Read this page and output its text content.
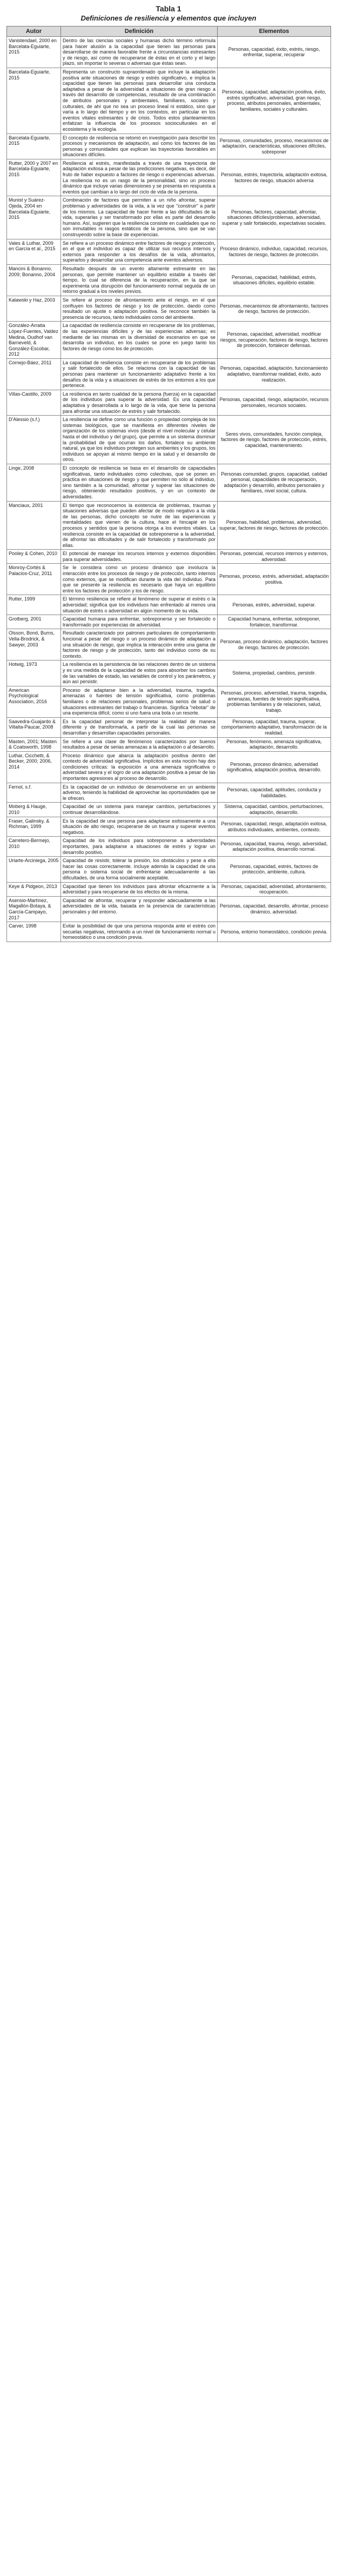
Tabla 1
Definiciones de resiliencia y elementos que incluyen
Autor	Definición	Elementos
Vanistendael, 2000 en Barcelata-Eguiarte, 2015	Dentro de las ciencias sociales y humanas dicho término reformula para hacer alusión a la capacidad que tienen las personas para desarrollarse de manera favorable frente a circunstancias estresantes y de riesgo, así como de recuperarse de éstas en el corto y el largo plazo, sin importar lo severas o adversas que éstas sean.	Personas, capacidad, éxito, estrés, riesgo, enfrentar, superar, recuperar
Barcelata-Eguiarte, 2015	Representa un constructo supraordenado que incluye la adaptación positiva ante situaciones de riesgo y estrés significativo, e implica la capacidad que tienen las personas para desarrollar una conducta adaptativa a pesar de la adversidad a situaciones de gran riesgo a través del desarrollo de competencias, resultado de una combinación de atributos personales y ambientales, familiares, sociales y culturales, de ahí que no sea un proceso lineal ni estático, sino que varía a lo largo del tiempo y en los contextos, en particular en los eventos vitales estresantes y de crisis. Todos estos planteamientos enfatizan la influencia de los procesos socioculturales en el ecosistema y la ecología.	Personas, capacidad, adaptación positiva, éxito, estrés significativo, adversidad, gran riesgo, proceso, atributos personales, ambientales, familiares, sociales y culturales.
Barcelata-Eguiarte, 2015	El concepto de resiliencia se retomó en investigación para describir los procesos y mecanismos de adaptación, así como los factores de las personas y comunidades que explican las trayectorias favorables en situaciones difíciles.	Personas, comunidades, proceso, mecanismos de adaptación, características, situaciones difíciles, sobreponer
Rutter, 2000 y 2007 en Barcelata-Eguiarte, 2015	Resiliencia al estrés, manifestada a través de una trayectoria de adaptación exitosa a pesar de las predicciones negativas, es decir, del fruto de haber expuesto a factores de riesgo o experiencias adversas. La resiliencia no es un rasgo de la personalidad, sino un proceso dinámico que incluye varias dimensiones y se presenta en respuesta a eventos que cambian a lo largo del ciclo de vida de la persona.	Personas, estrés, trayectoria, adaptación exitosa, factores de riesgo, situación adversa
Munist y Suárez-Ojeda, 2004 en Barcelata-Eguiarte, 2015	Combinación de factores que permiten a un niño afrontar, superar problemas y adversidades de la vida, a la vez que "construir" a partir de los mismos. La capacidad de hacer frente a las dificultades de la vida, superarlas y ser transformado por ellas es parte del desarrollo humano. Así, sugieren que la resiliencia consiste en cualidades que no son inmutables ni rasgos estáticos de la persona, sino que se van construyendo sobre la base de experiencias.	Personas, factores, capacidad, afrontar, situaciones difíciles/problemas, adversidad, superar y salir fortalecido, expectativas sociales.
Vales & Luthar, 2009 en García et al., 2015	Se refiere a un proceso dinámico entre factores de riesgo y protección, en el que el individuo es capaz de utilizar sus recursos internos y externos para responder a los desafíos de la vida, afrontarlos, superarlos y desarrollar una competencia ante eventos adversos.	Proceso dinámico, individuo, capacidad, recursos, factores de riesgo, factores de protección.
Mancini & Bonanno, 2009; Bonanno, 2004	Resultado después de un evento altamente estresante en las personas, que permite mantener un equilibrio estable a través del tiempo, lo cual se diferencia de la recuperación, en la que se experimenta una disrupción del funcionamiento normal seguida de un retorno gradual a los niveles previos.	Personas, capacidad, habilidad, estrés, situaciones difíciles, equilibrio estable.
Kalawski y Haz, 2003	Se refiere al proceso de afrontamiento ante el riesgo, en el que confluyen los factores de riesgo y los de protección, dando como resultado un ajuste o adaptación positiva. Se reconoce también la presencia de recursos, tanto individuales como del ambiente.	Personas, mecanismos de afrontamiento, factores de riesgo, factores de protección.
González-Arratia López-Fuentes, Valdez Medina, Oudhof van Barneveld, & González-Escobar, 2012	La capacidad de resiliencia consiste en recuperarse de los problemas, de las experiencias difíciles y de las experiencias adversas; es mediante de las mismas en la diversidad de escenarios en que se desarrolla un individuo, en los cuales se pone en juego tanto los factores de riesgo como los de protección.	Personas, capacidad, adversidad, modificar riesgos, recuperación, factores de riesgo, factores de protección, fortalecer defensas.
Cornejo-Báez, 2011	La capacidad de resiliencia consiste en recuperarse de los problemas y salir fortalecido de ellos. Se relaciona con la capacidad de las personas para mantener un funcionamiento adaptativo frente a los desafíos de la vida y a situaciones de estrés de los entornos a los que pertenece.	Personas, capacidad, adaptación, funcionamiento adaptativo, transformar realidad, éxito, auto realización.
Villas-Castillo, 2009	La resiliencia en tanto cualidad de la persona (fuerza) en la capacidad de los individuos para superar la adversidad. Es una capacidad adaptativa y desarrollada a lo largo de la vida, que tiene la persona para afrontar una situación de estrés y salir fortalecido.	Personas, capacidad, riesgo, adaptación, recursos personales, recursos sociales.
D'Alessio (s.f.)	La resiliencia se define como una función o propiedad compleja de los sistemas biológicos, que se manifiesta en diferentes niveles de organización de los sistemas vivos (desde el nivel molecular y celular hasta el del individuo y del grupo), que permite a un sistema disminuir la probabilidad de que ocurran los daños, fortalece su ambiente natural, ya que los individuos protegen sus ambientes y los grupos, los individuos se apoyan al mismo tiempo en la salud y el desarrollo de otros.	Seres vivos, comunidades, función compleja, factores de riesgo, factores de protección, estrés, capacidad, mantenimiento.
Linge, 2008	El concepto de resiliencia se basa en el desarrollo de capacidades significativas, tanto individuales como colectivas, que se ponen en práctica en situaciones de riesgo y que permiten no sólo al individuo, sino también a la comunidad, afrontar y superar las situaciones de riesgo, obteniendo resultados positivos, y en un contexto de adversidades.	Personas comunidad, grupos, capacidad, calidad personal, capacidades de recuperación, adaptación y desarrollo, atributos personales y familiares, nivel social, cultura.
Manciaux, 2001	El tiempo que reconocemos la existencia de problemas, traumas y situaciones adversas que pueden afectar de modo negativo a la vida de las personas, dicho concepto se nutre de las experiencias y mentalidades que vienen de la cultura, hace el hincapié en los procesos y sentidos que la persona otorga a los eventos vitales. La resiliencia consiste en la capacidad de sobreponerse a la adversidad, de afrontar las dificultades y de salir fortalecido y transformado por ellas.	Personas, habilidad, problemas, adversidad, superar, factores de riesgo, factores de protección.
Pooley & Cohen, 2010	El potencial de manejar los recursos internos y externos disponibles para superar adversidades.	Personas, potencial, recursos internos y externos, adversidad.
Monroy-Cortés & Palacios-Cruz, 2011	Se le considera como un proceso dinámico que involucra la interacción entre los procesos de riesgo y de protección, tanto internos como externos, que se modifican durante la vida del individuo. Para que se presente la resiliencia es necesario que haya un equilibrio entre los factores de protección y los de riesgo.	Personas, proceso, estrés, adversidad, adaptación positiva.
Rutter, 1999	El término resiliencia se refiere al fenómeno de superar el estrés o la adversidad; significa que los individuos han enfrentado al menos una situación de estrés o adversidad en algún momento de su vida.	Personas, estrés, adversidad, superar.
Grotberg, 2001	Capacidad humana para enfrentar, sobreponerse y ser fortalecido o transformado por experiencias de adversidad.	Capacidad humana, enfrentar, sobreponer, fortalecer, transformar.
Olsson, Bond, Burns, Vella-Brodrick, & Sawyer, 2003	Resultado caracterizado por patrones particulares de comportamiento funcional a pesar del riesgo o un proceso dinámico de adaptación a una situación de riesgo, que implica la interacción entre una gama de factores de riesgo y de protección, tanto del individuo como de su contexto.	Personas, proceso dinámico, adaptación, factores de riesgo, factores de protección.
Hotwig, 1973	La resiliencia es la persistencia de las relaciones dentro de un sistema y es una medida de la capacidad de estos para absorber los cambios de las variables de estado, las variables de control y los parámetros, y aún así persistir.	Sistema, propiedad, cambios, persistir.
American Psychological Association, 2016	Proceso de adaptarse bien a la adversidad, trauma, tragedia, amenazas o fuentes de tensión significativa, como problemas familiares o de relaciones personales, problemas serios de salud o situaciones estresantes del trabajo o financieras. Significa "rebotar" de una experiencia difícil, como si uno fuera una bola o un resorte.	Personas, proceso, adversidad, trauma, tragedia, amenazas, fuentes de tensión significativa, problemas familiares y de relaciones, salud, trabajo.
Saavedra-Guajardo & Villalta-Paucar, 2008	Es la capacidad personal de interpretar la realidad de manera diferente y de transformarla, a partir de la cual las personas se desarrollan y desarrollan capacidades personales.	Personas, capacidad, trauma, superar, comportamiento adaptativo, transformación de la realidad.
Masten, 2001; Masten & Coatsworth, 1998	Se refiere a una clase de fenómenos caracterizados por buenos resultados a pesar de serias amenazas a la adaptación o al desarrollo.	Personas, fenómeno, amenaza significativa, adaptación, desarrollo.
Luthar, Cicchetti, & Becker, 2000; 2006, 2014	Proceso dinámico que abarca la adaptación positiva dentro del contexto de adversidad significativa. Implícitos en esta noción hay dos condiciones críticas: la exposición a una amenaza significativa o adversidad severa y el logro de una adaptación positiva a pesar de las importantes agresiones al proceso de desarrollo.	Personas, proceso dinámico, adversidad significativa, adaptación positiva, desarrollo.
Fernol, s.f.	Es la capacidad de un individuo de desenvolverse en un ambiente adverso, teniendo la habilidad de aprovechar las oportunidades que se le ofrecen.	Personas, capacidad, aptitudes, conducta y habilidades.
Moberg & Hauge, 2010	Capacidad de un sistema para manejar cambios, perturbaciones y continuar desarrollándose.	Sistema, capacidad, cambios, perturbaciones, adaptación, desarrollo.
Fraser, Galinsky, & Richman, 1999	Es la capacidad de una persona para adaptarse exitosamente a una situación de alto riesgo, recuperarse de un trauma y superar eventos negativos.	Personas, capacidad, riesgo, adaptación exitosa, atributos individuales, ambientes, contexto.
Carretero-Bermejo, 2010	Capacidad de los individuos para sobreponerse a adversidades importantes, para adaptarse a situaciones de estrés y lograr un desarrollo positivo.	Personas, capacidad, trauma, riesgo, adversidad, adaptación positiva, desarrollo normal.
Uriarte-Arciniega, 2005	Capacidad de resistir, tolerar la presión, los obstáculos y pese a ello hacer las cosas correctamente. Incluye además la capacidad de una persona o sistema social de enfrentarse adecuadamente a las dificultades, de una forma socialmente aceptable.	Personas, capacidad, estrés, factores de protección, ambiente, cultura.
Keye & Pidgeon, 2013	Capacidad que tienen los individuos para afrontar eficazmente a la adversidad y para recuperarse de los efectos de la misma.	Personas, capacidad, adversidad, afrontamiento, recuperación.
Asensio-Martínez, Magallón-Botaya, & García-Campayo, 2017	Capacidad de afrontar, recuperar y responder adecuadamente a las adversidades de la vida, basada en la presencia de características personales y del entorno.	Personas, capacidad, desarrollo, afrontar, proceso dinámico, adversidad.
Carver, 1998	Evitar la posibilidad de que una persona responda ante el estrés con secuelas negativas, retornando a un nivel de funcionamiento normal u homeostático o una condición previa.	Persona, entorno homeostático, condición previa.
